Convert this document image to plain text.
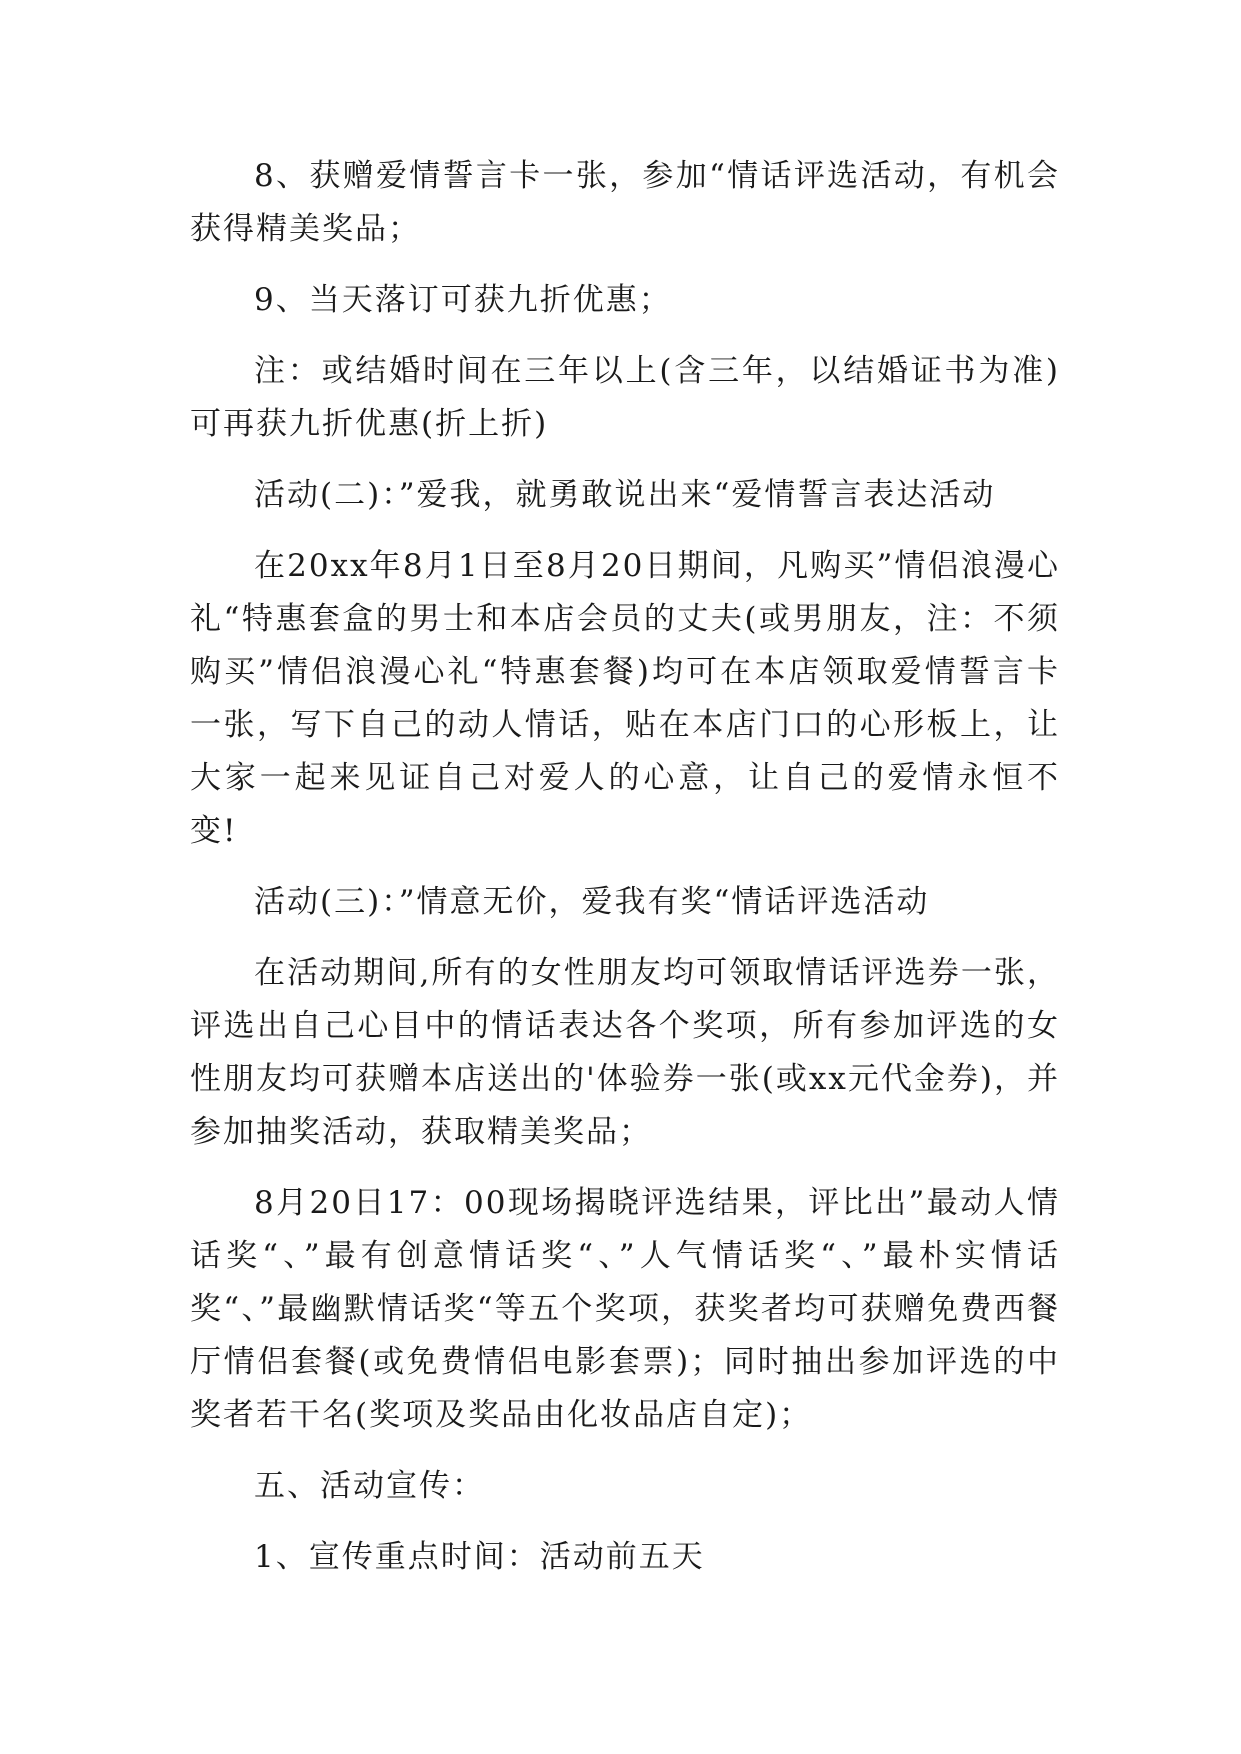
8、获赠爱情誓言卡一张，参加“情话评选活动，有机会获得精美奖品；

9、当天落订可获九折优惠；

注：或结婚时间在三年以上(含三年，以结婚证书为准)可再获九折优惠(折上折)

活动(二)：”爱我，就勇敢说出来“爱情誓言表达活动

在20xx年8月1日至8月20日期间，凡购买”情侣浪漫心礼“特惠套盒的男士和本店会员的丈夫(或男朋友，注：不须购买”情侣浪漫心礼“特惠套餐)均可在本店领取爱情誓言卡一张，写下自己的动人情话，贴在本店门口的心形板上，让大家一起来见证自己对爱人的心意，让自己的爱情永恒不变!

活动(三)：”情意无价，爱我有奖“情话评选活动

在活动期间,所有的女性朋友均可领取情话评选券一张，评选出自己心目中的情话表达各个奖项，所有参加评选的女性朋友均可获赠本店送出的'体验券一张(或xx元代金券)，并参加抽奖活动，获取精美奖品；

8月20日17：00现场揭晓评选结果，评比出”最动人情话奖“、”最有创意情话奖“、”人气情话奖“、”最朴实情话奖“、”最幽默情话奖“等五个奖项，获奖者均可获赠免费西餐厅情侣套餐(或免费情侣电影套票)；同时抽出参加评选的中奖者若干名(奖项及奖品由化妆品店自定)；

五、活动宣传：

1、宣传重点时间：活动前五天
